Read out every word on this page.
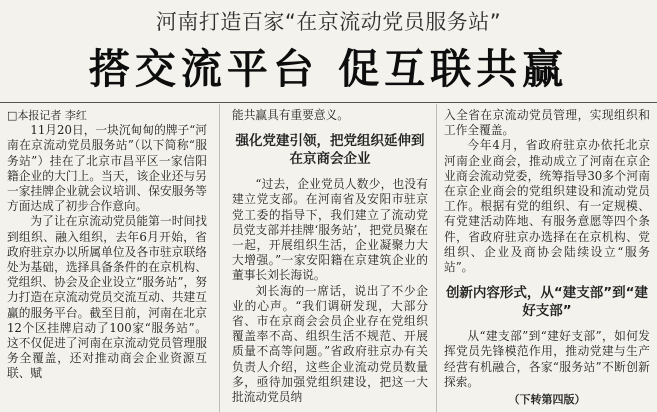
河南打造百家“在京流动党员服务站”
搭交流平台 促互联共赢

□本报记者 李红

11月20日，一块沉甸甸的牌子“河南在京流动党员服务站”（以下简称“服务站”）挂在了北京市昌平区一家信阳籍企业的大门上。当天，该企业还与另一家挂牌企业就会议培训、保安服务等方面达成了初步合作意向。

为了让在京流动党员能第一时间找到组织、融入组织，去年6月开始，省政府驻京办以所属单位及各市驻京联络处为基础，选择具备条件的在京机构、党组织、协会及企业设立“服务站”，努力打造在京流动党员交流互动、共建互赢的服务平台。截至目前，河南在北京12个区挂牌启动了100家“服务站”。这不仅促进了河南在京流动党员管理服务全覆盖，还对推动商会企业资源互联、赋

能共赢具有重要意义。

强化党建引领，把党组织延伸到在京商会企业

“过去，企业党员人数少，也没有建立党支部。在河南省及安阳市驻京党工委的指导下，我们建立了流动党员党支部并挂牌‘服务站’，把党员聚在一起，开展组织生活，企业凝聚力大大增强。”一家安阳籍在京建筑企业的董事长刘长海说。

刘长海的一席话，说出了不少企业的心声。“我们调研发现，大部分省、市在京商会会员企业存在党组织覆盖率不高、组织生活不规范、开展质量不高等问题。”省政府驻京办有关负责人介绍，这些企业流动党员数量多，亟待加强党组织建设，把这一大批流动党员纳

入全省在京流动党员管理，实现组织和工作全覆盖。

今年4月，省政府驻京办依托北京河南企业商会，推动成立了河南在京企业商会流动党委，统筹指导30多个河南在京企业商会的党组织建设和流动党员工作。根据有党的组织、有一定规模、有党建活动阵地、有服务意愿等四个条件，省政府驻京办选择在在京机构、党组织、企业及商协会陆续设立“服务站”。

创新内容形式，从“建支部”到“建好支部”

从“建支部”到“建好支部”，如何发挥党员先锋模范作用，推动党建与生产经营有机融合，各家“服务站”不断创新探索。

（下转第四版）
